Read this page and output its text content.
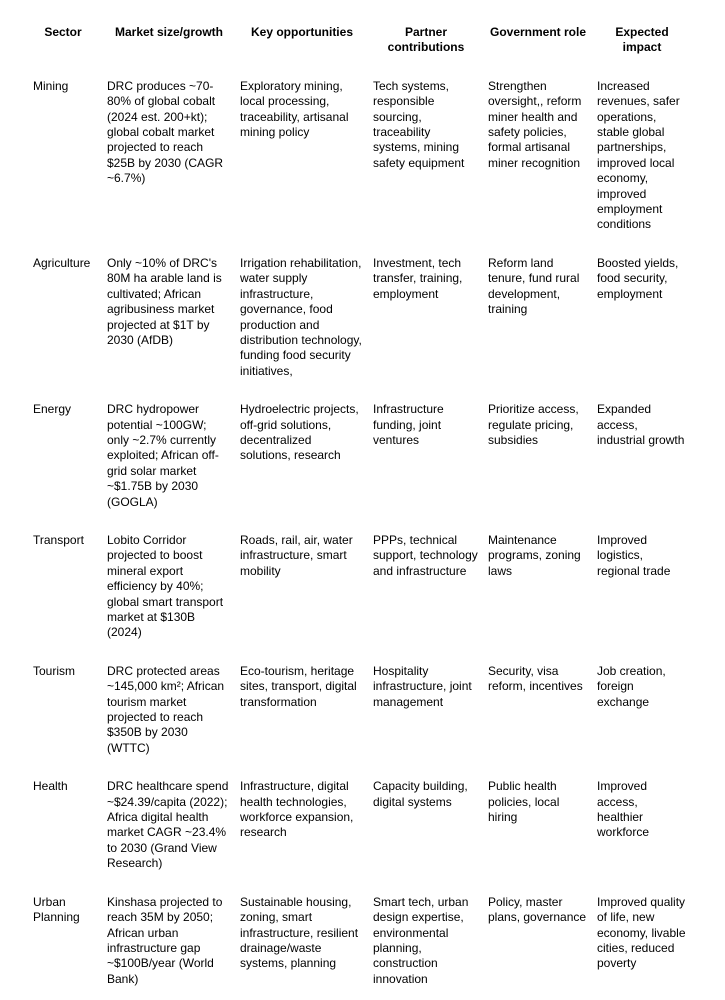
Sector	Market size/growth	Key opportunities	Partner contributions	Government role	Expected impact
Mining	DRC produces ~70-80% of global cobalt (2024 est. 200+kt); global cobalt market projected to reach $25B by 2030 (CAGR ~6.7%)	Exploratory mining, local processing, traceability, artisanal mining policy	Tech systems, responsible sourcing, traceability systems, mining safety equipment	Strengthen oversight,, reform miner health and safety policies, formal artisanal miner recognition	Increased revenues, safer operations, stable global partnerships, improved local economy, improved employment conditions
Agriculture	Only ~10% of DRC's 80M ha arable land is cultivated; African agribusiness market projected at $1T by 2030 (AfDB)	Irrigation rehabilitation, water supply infrastructure, governance, food production and distribution technology, funding food security initiatives,	Investment, tech transfer, training, employment	Reform land tenure, fund rural development, training	Boosted yields, food security, employment
Energy	DRC hydropower potential ~100GW; only ~2.7% currently exploited; African off-grid solar market ~$1.75B by 2030 (GOGLA)	Hydroelectric projects, off-grid solutions, decentralized solutions, research	Infrastructure funding, joint ventures	Prioritize access, regulate pricing, subsidies	Expanded access, industrial growth
Transport	Lobito Corridor projected to boost mineral export efficiency by 40%; global smart transport market at $130B (2024)	Roads, rail, air, water infrastructure, smart mobility	PPPs, technical support, technology and infrastructure	Maintenance programs, zoning laws	Improved logistics, regional trade
Tourism	DRC protected areas ~145,000 km²; African tourism market projected to reach $350B by 2030 (WTTC)	Eco-tourism, heritage sites, transport, digital transformation	Hospitality infrastructure, joint management	Security, visa reform, incentives	Job creation, foreign exchange
Health	DRC healthcare spend ~$24.39/capita (2022); Africa digital health market CAGR ~23.4% to 2030 (Grand View Research)	Infrastructure, digital health technologies, workforce expansion, research	Capacity building, digital systems	Public health policies, local hiring	Improved access, healthier workforce
Urban Planning	Kinshasa projected to reach 35M by 2050; African urban infrastructure gap ~$100B/year (World Bank)	Sustainable housing, zoning, smart infrastructure, resilient drainage/waste systems, planning	Smart tech, urban design expertise, environmental planning, construction innovation	Policy, master plans, governance	Improved quality of life, new economy, livable cities, reduced poverty
